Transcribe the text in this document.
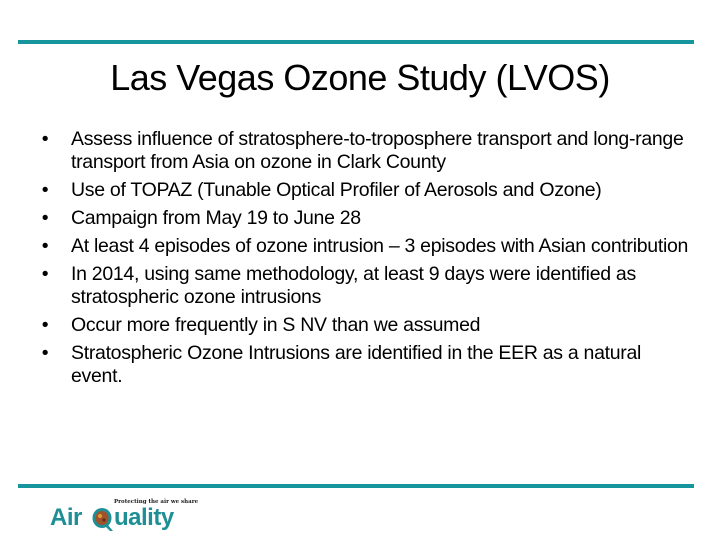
Las Vegas Ozone Study (LVOS)
• Assess influence of stratosphere-to-troposphere transport and long-range transport from Asia on ozone in Clark County
• Use of TOPAZ (Tunable Optical Profiler of Aerosols and Ozone)
• Campaign from May 19 to June 28
• At least 4 episodes of ozone intrusion – 3 episodes with Asian contribution
• In 2014, using same methodology, at least 9 days were identified as stratospheric ozone intrusions
• Occur more frequently in S NV than we assumed
• Stratospheric Ozone Intrusions are identified in the EER as a natural event.
Protecting the air we share
Air uality
